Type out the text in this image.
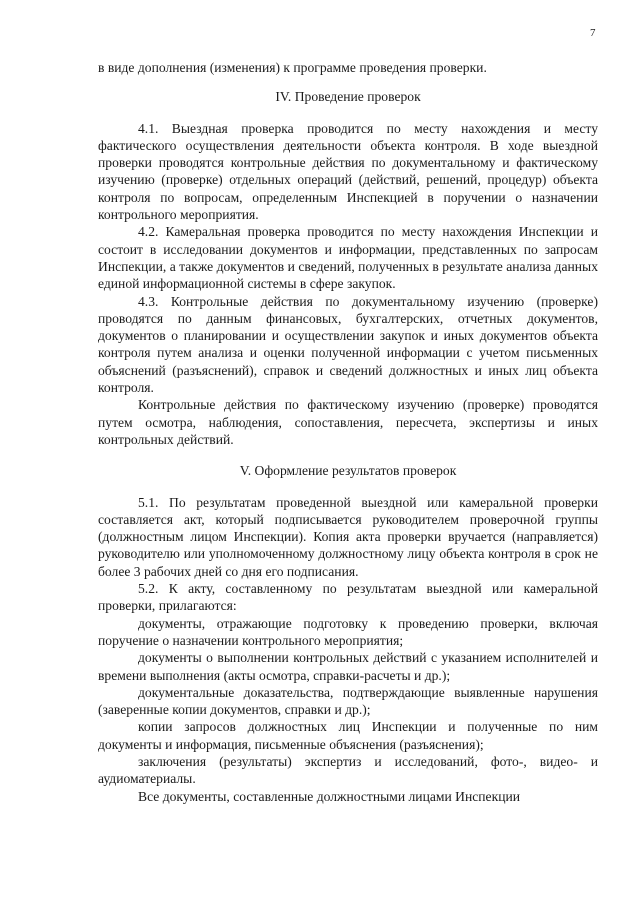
7

в виде дополнения (изменения) к программе проведения проверки.

IV. Проведение проверок

4.1. Выездная проверка проводится по месту нахождения и месту фактического осуществления деятельности объекта контроля. В ходе выездной проверки проводятся контрольные действия по документальному и фактическому изучению (проверке) отдельных операций (действий, решений, процедур) объекта контроля по вопросам, определенным Инспекцией в поручении о назначении контрольного мероприятия.

4.2. Камеральная проверка проводится по месту нахождения Инспекции и состоит в исследовании документов и информации, представленных по запросам Инспекции, а также документов и сведений, полученных в результате анализа данных единой информационной системы в сфере закупок.

4.3. Контрольные действия по документальному изучению (проверке) проводятся по данным финансовых, бухгалтерских, отчетных документов, документов о планировании и осуществлении закупок и иных документов объекта контроля путем анализа и оценки полученной информации с учетом письменных объяснений (разъяснений), справок и сведений должностных и иных лиц объекта контроля.

Контрольные действия по фактическому изучению (проверке) проводятся путем осмотра, наблюдения, сопоставления, пересчета, экспертизы и иных контрольных действий.

V. Оформление результатов проверок

5.1. По результатам проведенной выездной или камеральной проверки составляется акт, который подписывается руководителем проверочной группы (должностным лицом Инспекции). Копия акта проверки вручается (направляется) руководителю или уполномоченному должностному лицу объекта контроля в срок не более 3 рабочих дней со дня его подписания.

5.2. К акту, составленному по результатам выездной или камеральной проверки, прилагаются:

документы, отражающие подготовку к проведению проверки, включая поручение о назначении контрольного мероприятия;

документы о выполнении контрольных действий с указанием исполнителей и времени выполнения (акты осмотра, справки-расчеты и др.);

документальные доказательства, подтверждающие выявленные нарушения (заверенные копии документов, справки и др.);

копии запросов должностных лиц Инспекции и полученные по ним документы и информация, письменные объяснения (разъяснения);

заключения (результаты) экспертиз и исследований, фото-, видео- и аудиоматериалы.

Все документы, составленные должностными лицами Инспекции
